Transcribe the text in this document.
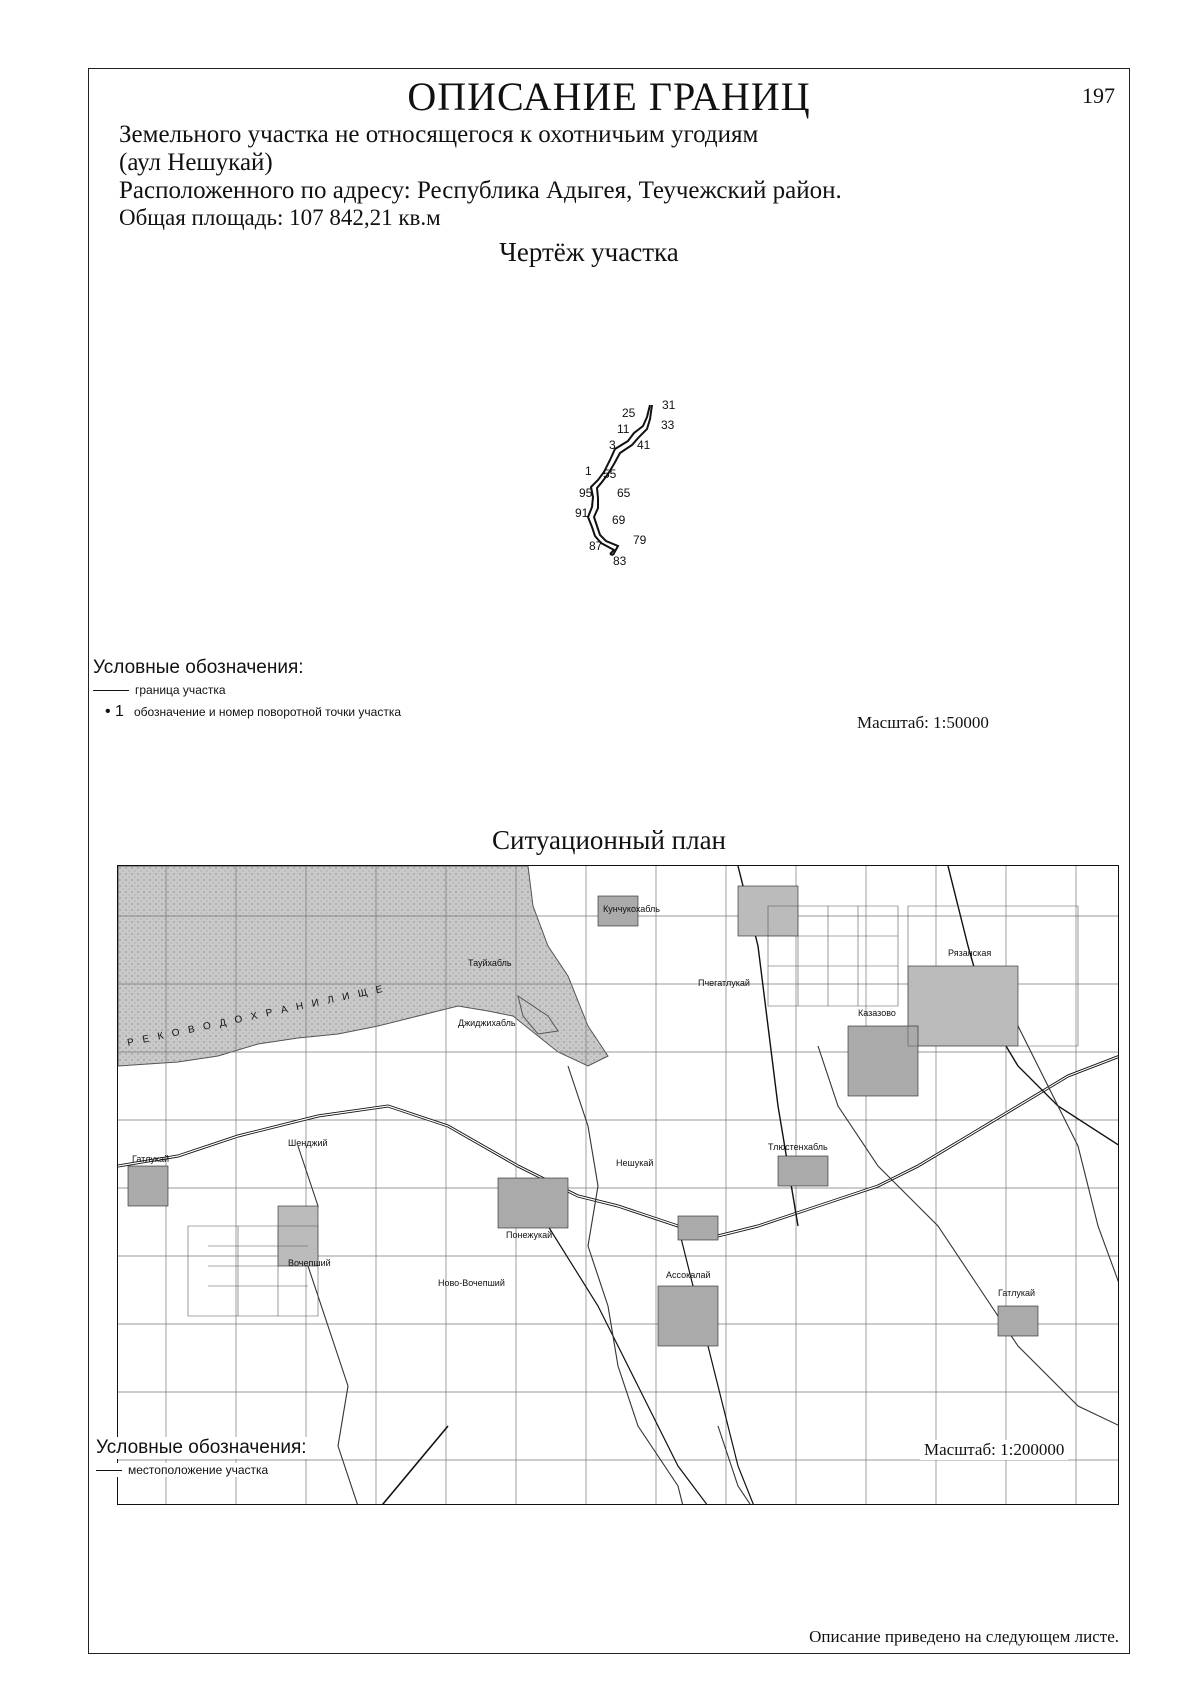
ОПИСАНИЕ ГРАНИЦ	197
Земельного участка не относящегося к охотничьим угодиям
(аул Нешукай)
Расположенного по адресу: Республика Адыгея, Теучежский район.
Общая площадь: 107 842,21 кв.м
Чертёж участка
31
25
11	33
3 41
1 55
95 65
91 69
87	79
83
Условные обозначения:
граница участка
• 1 обозначение и номер поворотной точки участка
Масштаб: 1:50000
Ситуационный план
Р Е К О В О Д О Х Р А Н И Л И Щ Е
Кунчукохабль
Пчегатлукай
Нешукай
Ассокалай
Тлюстенхабль
Вочепший
Понежукай
Ново-Вочепший
Гатлукай
Джиджихабль
Казазово
Гатлукай
Тауйхабль
Шенджий
Рязанская
Описание приведено на следующем листе.
Условные обозначения:
местоположение участка
Масштаб: 1:200000
